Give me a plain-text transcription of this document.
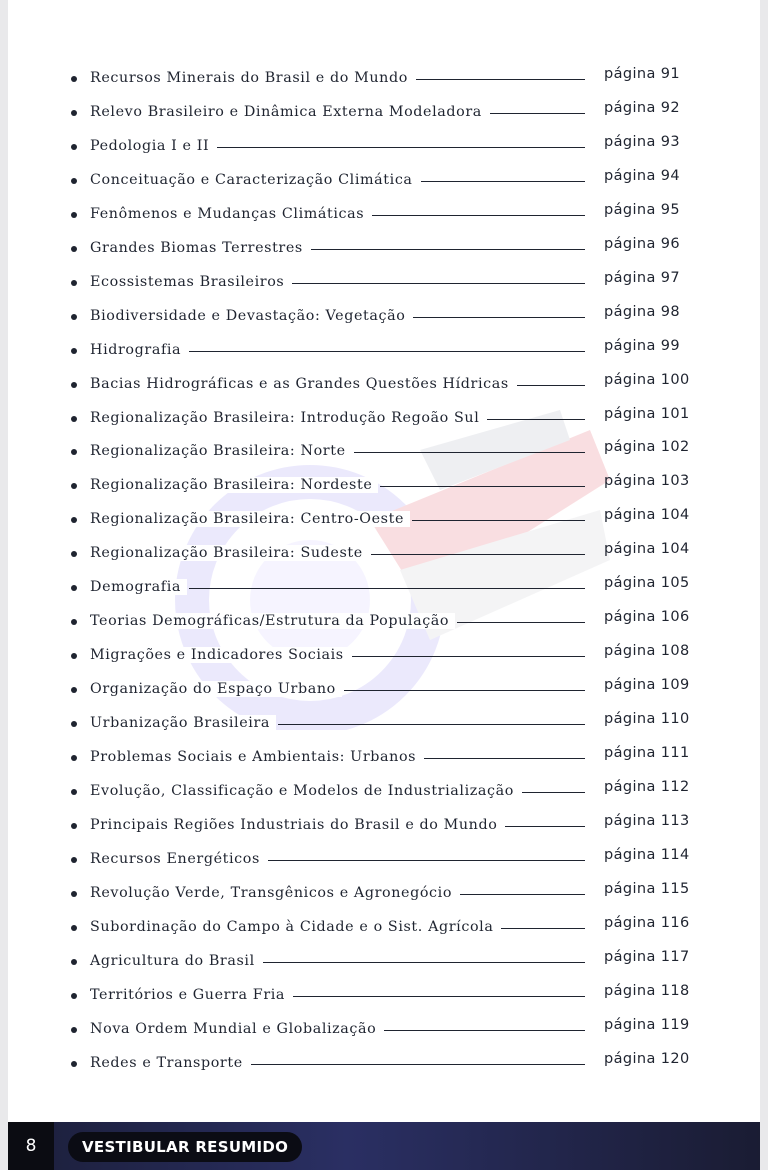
Recursos Minerais do Brasil e do Mundo	página 91
Relevo Brasileiro e Dinâmica Externa Modeladora	página 92
Pedologia I e II	página 93
Conceituação e Caracterização Climática	página 94
Fenômenos e Mudanças Climáticas	página 95
Grandes Biomas Terrestres	página 96
Ecossistemas Brasileiros	página 97
Biodiversidade e Devastação: Vegetação	página 98
Hidrografia	página 99
Bacias Hidrográficas e as Grandes Questões Hídricas	página 100
Regionalização Brasileira: Introdução Regoão Sul	página 101
Regionalização Brasileira: Norte	página 102
Regionalização Brasileira: Nordeste	página 103
Regionalização Brasileira: Centro-Oeste	página 104
Regionalização Brasileira: Sudeste	página 104
Demografia	página 105
Teorias Demográficas/Estrutura da População	página 106
Migrações e Indicadores Sociais	página 108
Organização do Espaço Urbano	página 109
Urbanização Brasileira	página 110
Problemas Sociais e Ambientais: Urbanos	página 111
Evolução, Classificação e Modelos de Industrialização	página 112
Principais Regiões Industriais do Brasil e do Mundo	página 113
Recursos Energéticos	página 114
Revolução Verde, Transgênicos e Agronegócio	página 115
Subordinação do Campo à Cidade e o Sist. Agrícola	página 116
Agricultura do Brasil	página 117
Territórios e Guerra Fria	página 118
Nova Ordem Mundial e Globalização	página 119
Redes e Transporte	página 120
8	VESTIBULAR RESUMIDO
